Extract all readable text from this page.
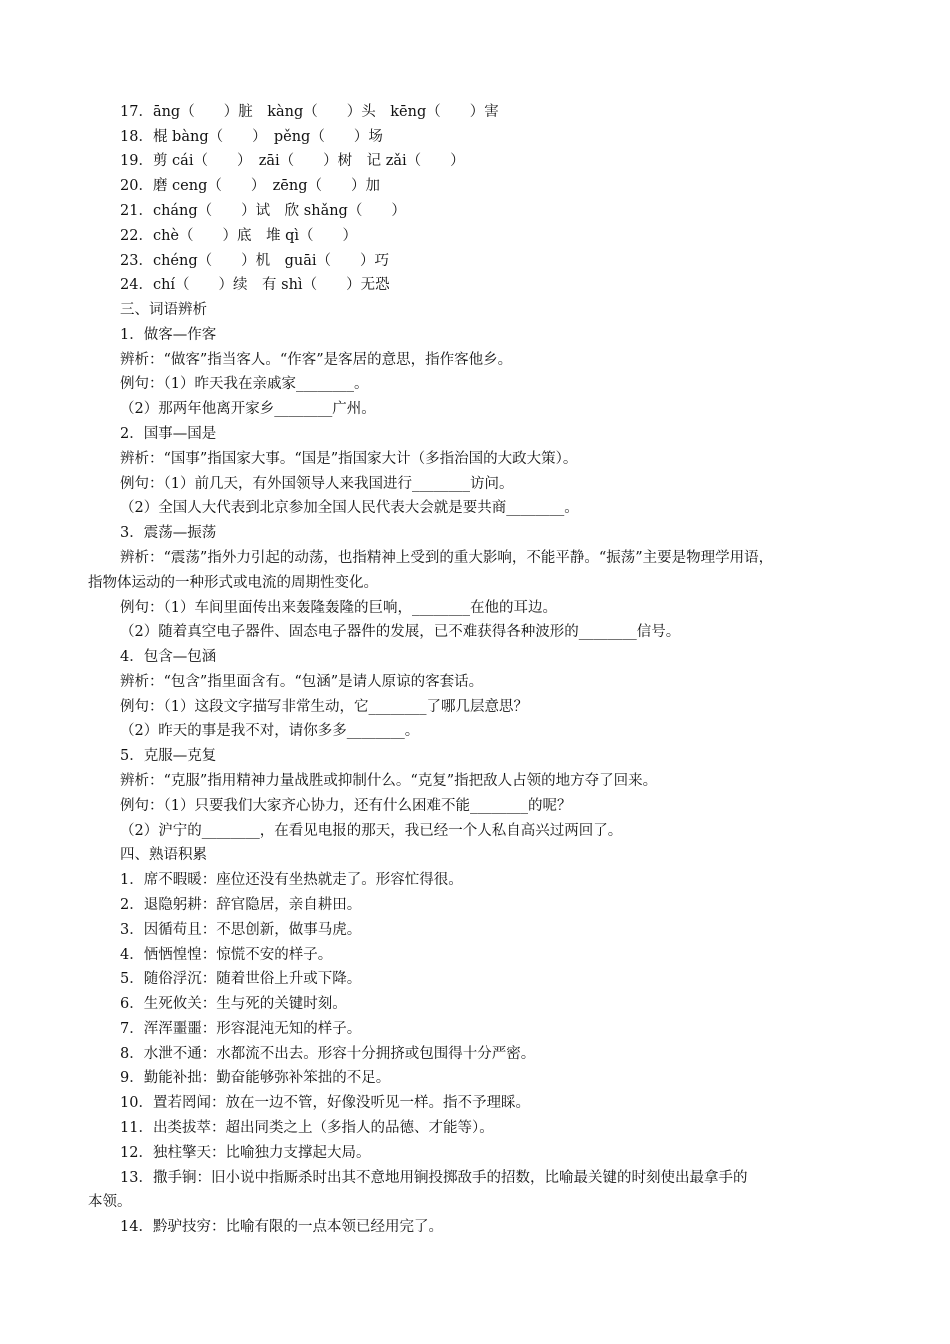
17．āng（　　）脏　kàng（　　）头　kēng（　　）害
18．棍 bàng（　　）　pěng（　　）场
19．剪 cái（　　）　zāi（　　）树　记 zǎi（　　）
20．磨 ceng（　　）　zēng（　　）加
21．cháng（　　）试　欣 shǎng（　　）
22．chè（　　）底　堆 qì（　　）
23．chéng（　　）机　guāi（　　）巧
24．chí（　　）续　有 shì（　　）无恐
三、词语辨析
1．做客—作客
辨析：“做客”指当客人。“作客”是客居的意思，指作客他乡。
例句：（1）昨天我在亲戚家________。
（2）那两年他离开家乡________广州。
2．国事—国是
辨析：“国事”指国家大事。“国是”指国家大计（多指治国的大政大策）。
例句：（1）前几天，有外国领导人来我国进行________访问。
（2）全国人大代表到北京参加全国人民代表大会就是要共商________。
3．震荡—振荡
辨析：“震荡”指外力引起的动荡，也指精神上受到的重大影响，不能平静。“振荡”主要是物理学用语，
指物体运动的一种形式或电流的周期性变化。
例句：（1）车间里面传出来轰隆轰隆的巨响，________在他的耳边。
（2）随着真空电子器件、固态电子器件的发展，已不难获得各种波形的________信号。
4．包含—包涵
辨析：“包含”指里面含有。“包涵”是请人原谅的客套话。
例句：（1）这段文字描写非常生动，它________了哪几层意思？
（2）昨天的事是我不对，请你多多________。
5．克服—克复
辨析：“克服”指用精神力量战胜或抑制什么。“克复”指把敌人占领的地方夺了回来。
例句：（1）只要我们大家齐心协力，还有什么困难不能________的呢？
（2）沪宁的________，在看见电报的那天，我已经一个人私自高兴过两回了。
四、熟语积累
1．席不暇暖：座位还没有坐热就走了。形容忙得很。
2．退隐躬耕：辞官隐居，亲自耕田。
3．因循苟且：不思创新，做事马虎。
4．恓恓惶惶：惊慌不安的样子。
5．随俗浮沉：随着世俗上升或下降。
6．生死攸关：生与死的关键时刻。
7．浑浑噩噩：形容混沌无知的样子。
8．水泄不通：水都流不出去。形容十分拥挤或包围得十分严密。
9．勤能补拙：勤奋能够弥补笨拙的不足。
10．置若罔闻：放在一边不管，好像没听见一样。指不予理睬。
11．出类拔萃：超出同类之上（多指人的品德、才能等）。
12．独柱擎天：比喻独力支撑起大局。
13．撒手锏：旧小说中指厮杀时出其不意地用锏投掷敌手的招数，比喻最关键的时刻使出最拿手的
本领。
14．黔驴技穷：比喻有限的一点本领已经用完了。
